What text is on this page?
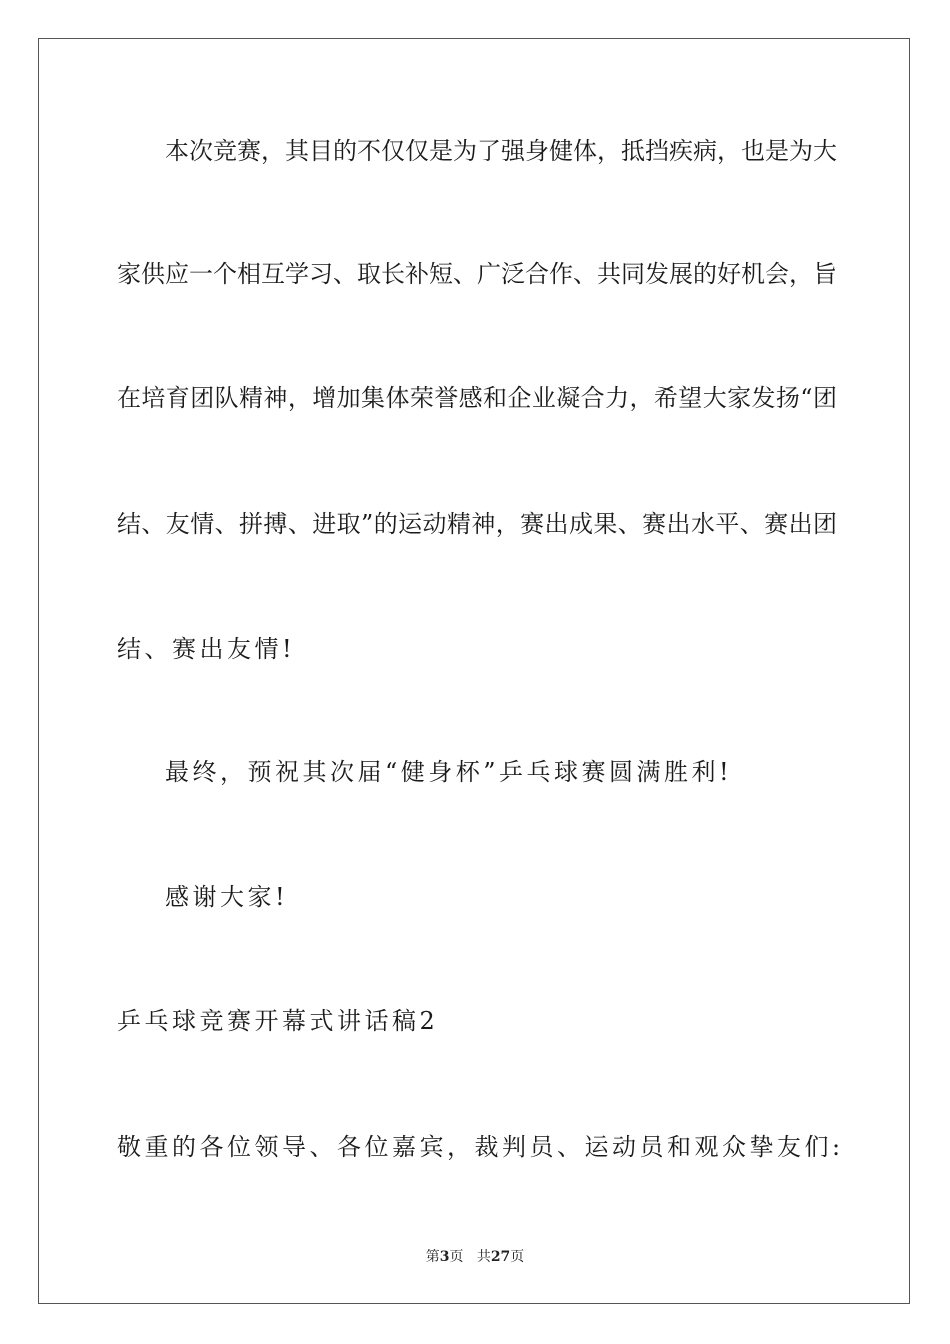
本次竞赛，其目的不仅仅是为了强身健体，抵挡疾病，也是为大
家供应一个相互学习、取长补短、广泛合作、共同发展的好机会，旨
在培育团队精神，增加集体荣誉感和企业凝合力，希望大家发扬“团
结、友情、拼搏、进取”的运动精神，赛出成果、赛出水平、赛出团
结、赛出友情!
最终，预祝其次届“健身杯”乒乓球赛圆满胜利!
感谢大家!
乒乓球竞赛开幕式讲话稿2
敬重的各位领导、各位嘉宾，裁判员、运动员和观众挚友们:
第3页 共27页
